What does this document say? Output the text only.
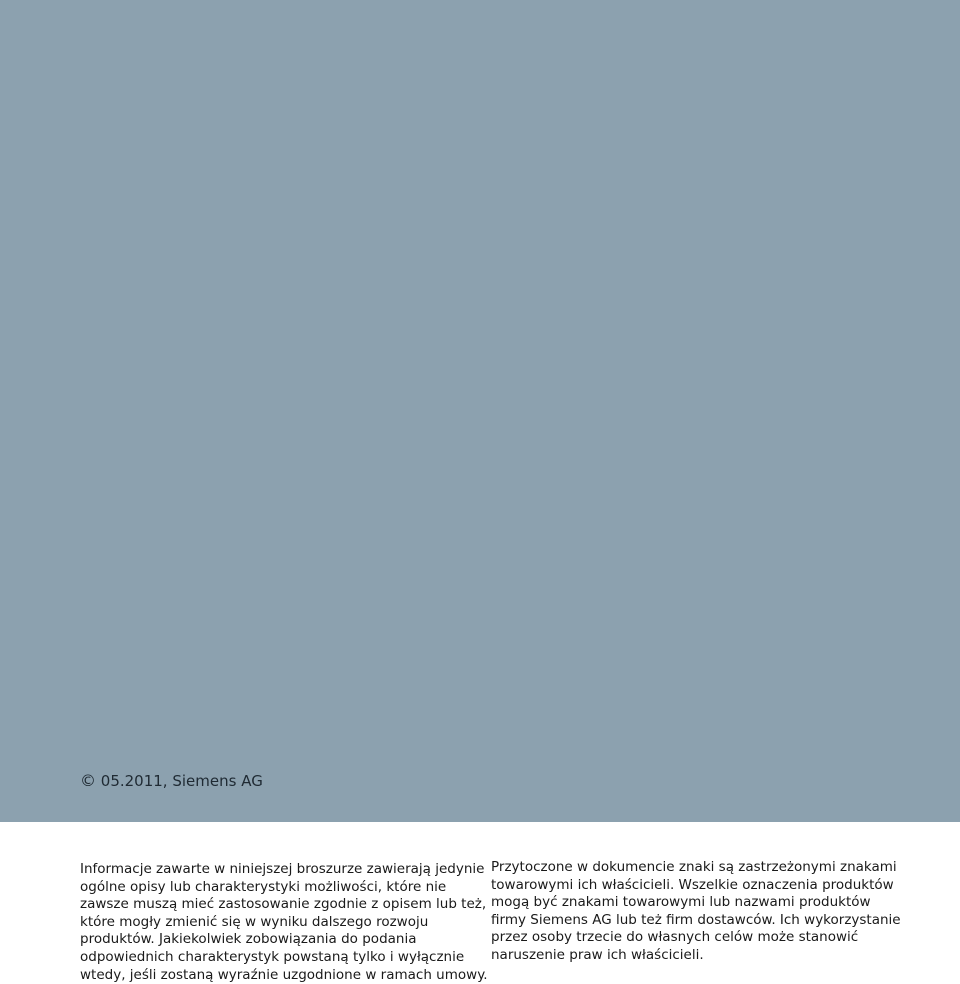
© 05.2011, Siemens AG

Informacje zawarte w niniejszej broszurze zawierają jedynie
ogólne opisy lub charakterystyki możliwości, które nie
zawsze muszą mieć zastosowanie zgodnie z opisem lub też,
które mogły zmienić się w wyniku dalszego rozwoju
produktów. Jakiekolwiek zobowiązania do podania
odpowiednich charakterystyk powstaną tylko i wyłącznie
wtedy, jeśli zostaną wyraźnie uzgodnione w ramach umowy.

Przytoczone w dokumencie znaki są zastrzeżonymi znakami
towarowymi ich właścicieli. Wszelkie oznaczenia produktów
mogą być znakami towarowymi lub nazwami produktów
firmy Siemens AG lub też firm dostawców. Ich wykorzystanie
przez osoby trzecie do własnych celów może stanowić
naruszenie praw ich właścicieli.
